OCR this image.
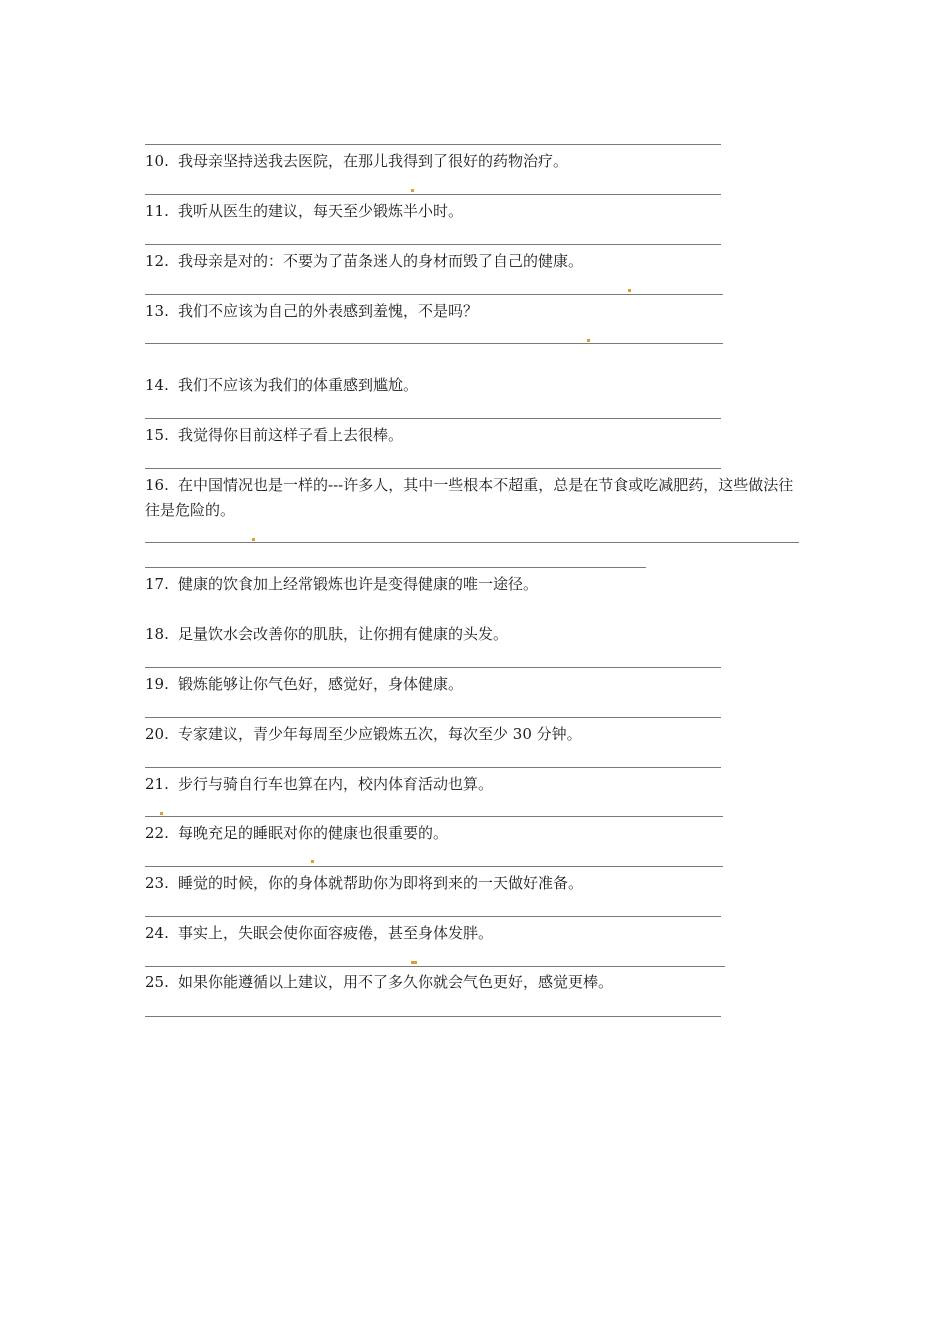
10. 我母亲坚持送我去医院，在那儿我得到了很好的药物治疗。
11. 我听从医生的建议，每天至少锻炼半小时。
12. 我母亲是对的：不要为了苗条迷人的身材而毁了自己的健康。
13. 我们不应该为自己的外表感到羞愧，不是吗？
14. 我们不应该为我们的体重感到尴尬。
15. 我觉得你目前这样子看上去很棒。
16. 在中国情况也是一样的---许多人，其中一些根本不超重，总是在节食或吃减肥药，这些做法往往是危险的。
17. 健康的饮食加上经常锻炼也许是变得健康的唯一途径。
18. 足量饮水会改善你的肌肤，让你拥有健康的头发。
19. 锻炼能够让你气色好，感觉好，身体健康。
20. 专家建议，青少年每周至少应锻炼五次，每次至少 30 分钟。
21. 步行与骑自行车也算在内，校内体育活动也算。
22. 每晚充足的睡眠对你的健康也很重要的。
23. 睡觉的时候，你的身体就帮助你为即将到来的一天做好准备。
24. 事实上，失眠会使你面容疲倦，甚至身体发胖。
25. 如果你能遵循以上建议，用不了多久你就会气色更好，感觉更棒。
